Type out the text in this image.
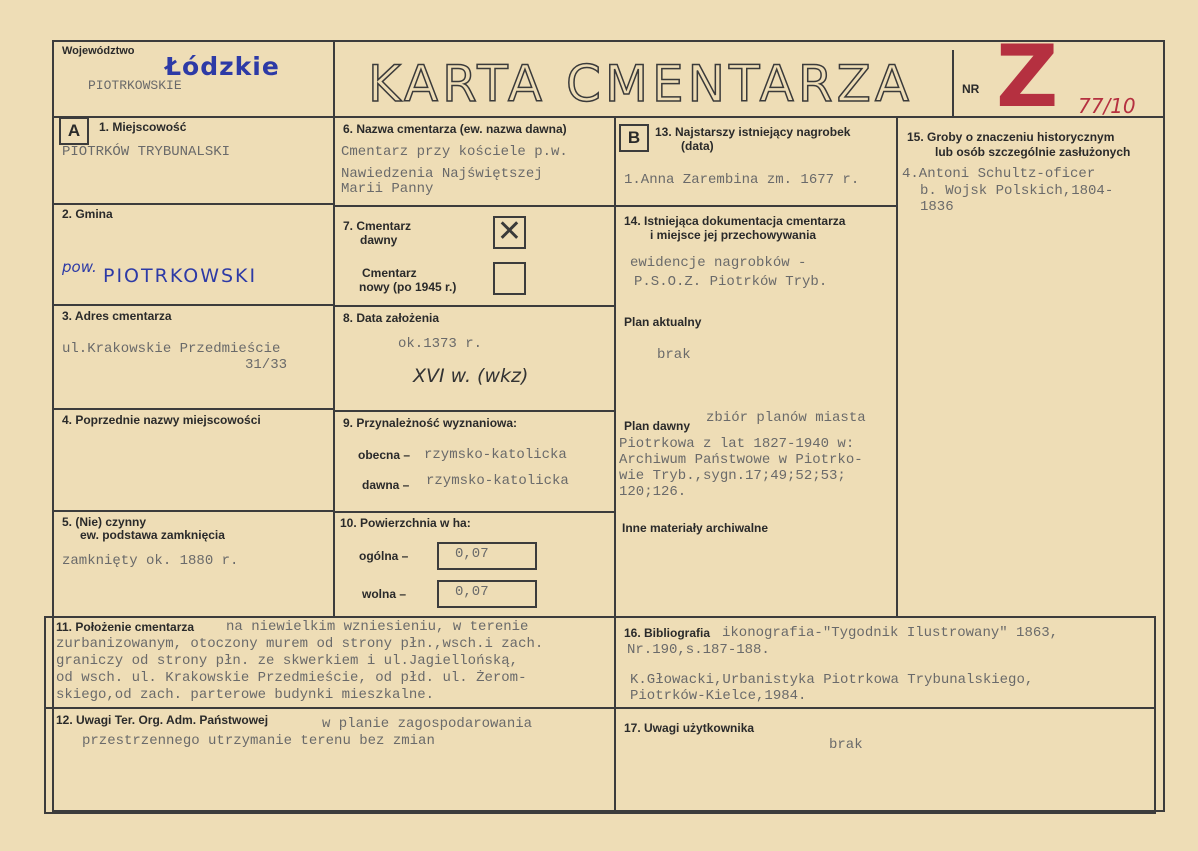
Województwo
Łódzkie
PIOTRKOWSKIE	KARTA CMENTARZA	NR Z 77/10
A	1. Miejscowość
PIOTRKÓW TRYBUNALSKI
2. Gmina
pow. PIOTRKOWSKI
3. Adres cmentarza
ul.Krakowskie Przedmieście
31/33
4. Poprzednie nazwy miejscowości
5. (Nie) czynny
ew. podstawa zamknięcia
zamknięty ok. 1880 r.
6. Nazwa cmentarza (ew. nazwa dawna)
Cmentarz przy kościele p.w.
Nawiedzenia Najświętszej
Marii Panny
7. Cmentarz
dawny	✕
Cmentarz
nowy (po 1945 r.)
8. Data założenia
ok.1373 r.
XVI w. (wkz)
9. Przynależność wyznaniowa:
obecna – rzymsko-katolicka
dawna – rzymsko-katolicka
10. Powierzchnia w ha:
ogólna –	0,07
wolna –	0,07
B	13. Najstarszy istniejący nagrobek
(data)
1.Anna Zarembina zm. 1677 r.
14. Istniejąca dokumentacja cmentarza
i miejsce jej przechowywania
ewidencje nagrobków -
P.S.O.Z. Piotrków Tryb.
Plan aktualny
brak
Plan dawny zbiór planów miasta
Piotrkowa z lat 1827-1940 w:
Archiwum Państwowe w Piotrko-
wie Tryb.,sygn.17;49;52;53;
120;126.
Inne materiały archiwalne
15. Groby o znaczeniu historycznym
lub osób szczególnie zasłużonych
4.Antoni Schultz-oficer
b. Wojsk Polskich,1804-
1836
11. Położenie cmentarza na niewielkim wzniesieniu, w terenie
zurbanizowanym, otoczony murem od strony płn.,wsch.i zach.
graniczy od strony płn. ze skwerkiem i ul.Jagiellońską,
od wsch. ul. Krakowskie Przedmieście, od płd. ul. Żerom-
skiego,od zach. parterowe budynki mieszkalne.
16. Bibliografia ikonografia-"Tygodnik Ilustrowany" 1863,
Nr.190,s.187-188.
K.Głowacki,Urbanistyka Piotrkowa Trybunalskiego,
Piotrków-Kielce,1984.
12. Uwagi Ter. Org. Adm. Państwowej	w planie zagospodarowania
przestrzennego utrzymanie terenu bez zmian
17. Uwagi użytkownika
brak
